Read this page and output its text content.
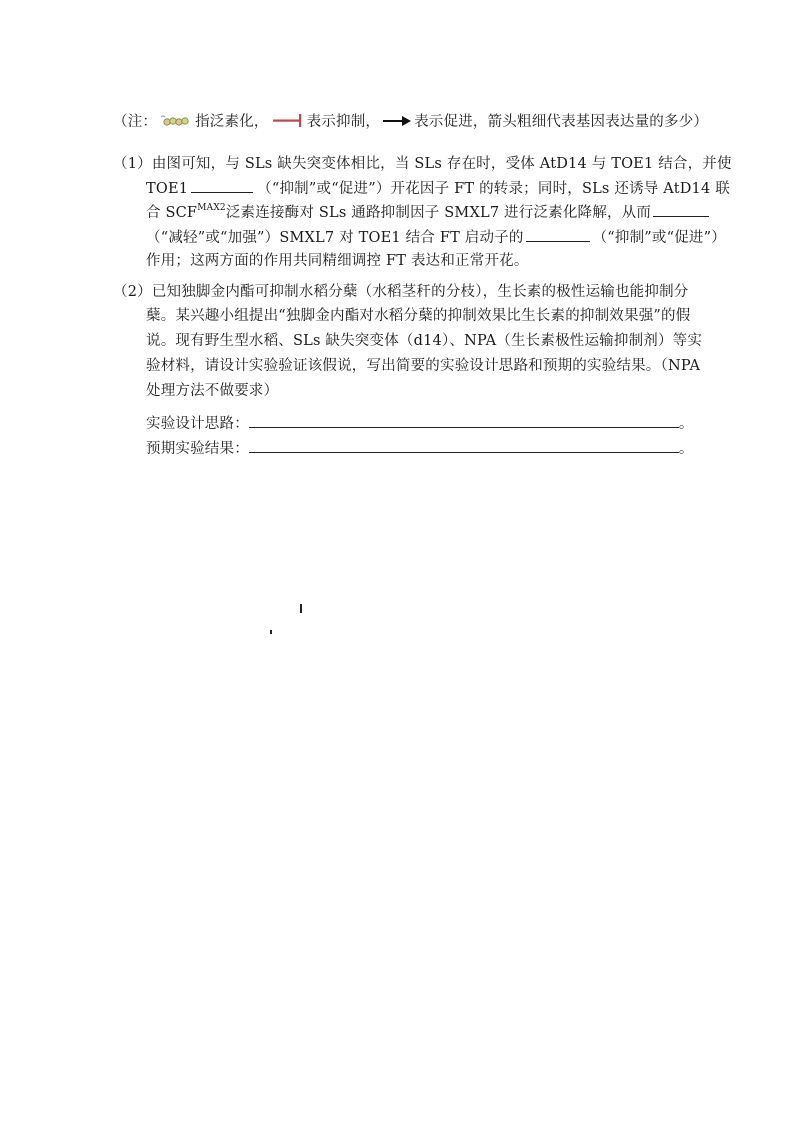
（注：	指泛素化，	表示抑制， 表示促进，箭头粗细代表基因表达量的多少）
（1）由图可知，与 SLs 缺失突变体相比，当 SLs 存在时，受体 AtD14 与 TOE1 结合，并使
TOE1	（“抑制”或“促进”）开花因子 FT 的转录；同时，SLs 还诱导 AtD14 联
合 $SCF^{MAX2}$泛素连接酶对 SLs 通路抑制因子 SMXL7 进行泛素化降解，从而
（“减轻”或“加强”）SMXL7 对 TOE1 结合 FT 启动子的	（“抑制”或“促进”）
作用；这两方面的作用共同精细调控 FT 表达和正常开花。
（2）已知独脚金内酯可抑制水稻分蘖（水稻茎秆的分枝），生长素的极性运输也能抑制分
蘖。某兴趣小组提出“独脚金内酯对水稻分蘖的抑制效果比生长素的抑制效果强”的假
说。现有野生型水稻、SLs 缺失突变体（d14）、NPA（生长素极性运输抑制剂）等实
验材料，请设计实验验证该假说，写出简要的实验设计思路和预期的实验结果。（NPA
处理方法不做要求）
实验设计思路：	。
预期实验结果：	。
